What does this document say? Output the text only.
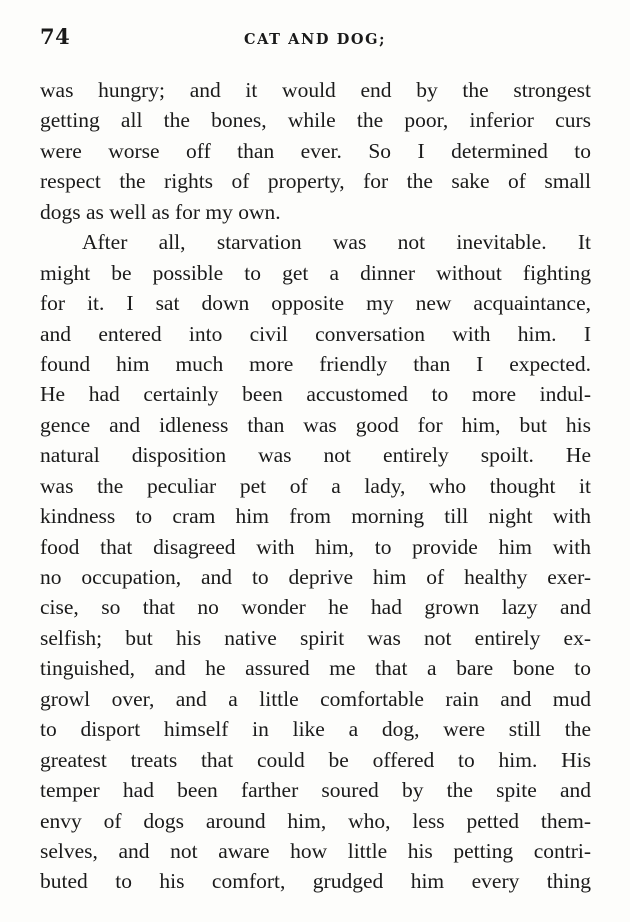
74	CAT AND DOG;
was hungry; and it would end by the strongest
getting all the bones, while the poor, inferior curs
were worse off than ever. So I determined to
respect the rights of property, for the sake of small
dogs as well as for my own.
After all, starvation was not inevitable. It
might be possible to get a dinner without fighting
for it. I sat down opposite my new acquaintance,
and entered into civil conversation with him. I
found him much more friendly than I expected.
He had certainly been accustomed to more indul-
gence and idleness than was good for him, but his
natural disposition was not entirely spoilt. He
was the peculiar pet of a lady, who thought it
kindness to cram him from morning till night with
food that disagreed with him, to provide him with
no occupation, and to deprive him of healthy exer-
cise, so that no wonder he had grown lazy and
selfish; but his native spirit was not entirely ex-
tinguished, and he assured me that a bare bone to
growl over, and a little comfortable rain and mud
to disport himself in like a dog, were still the
greatest treats that could be offered to him. His
temper had been farther soured by the spite and
envy of dogs around him, who, less petted them-
selves, and not aware how little his petting contri-
buted to his comfort, grudged him every thing
